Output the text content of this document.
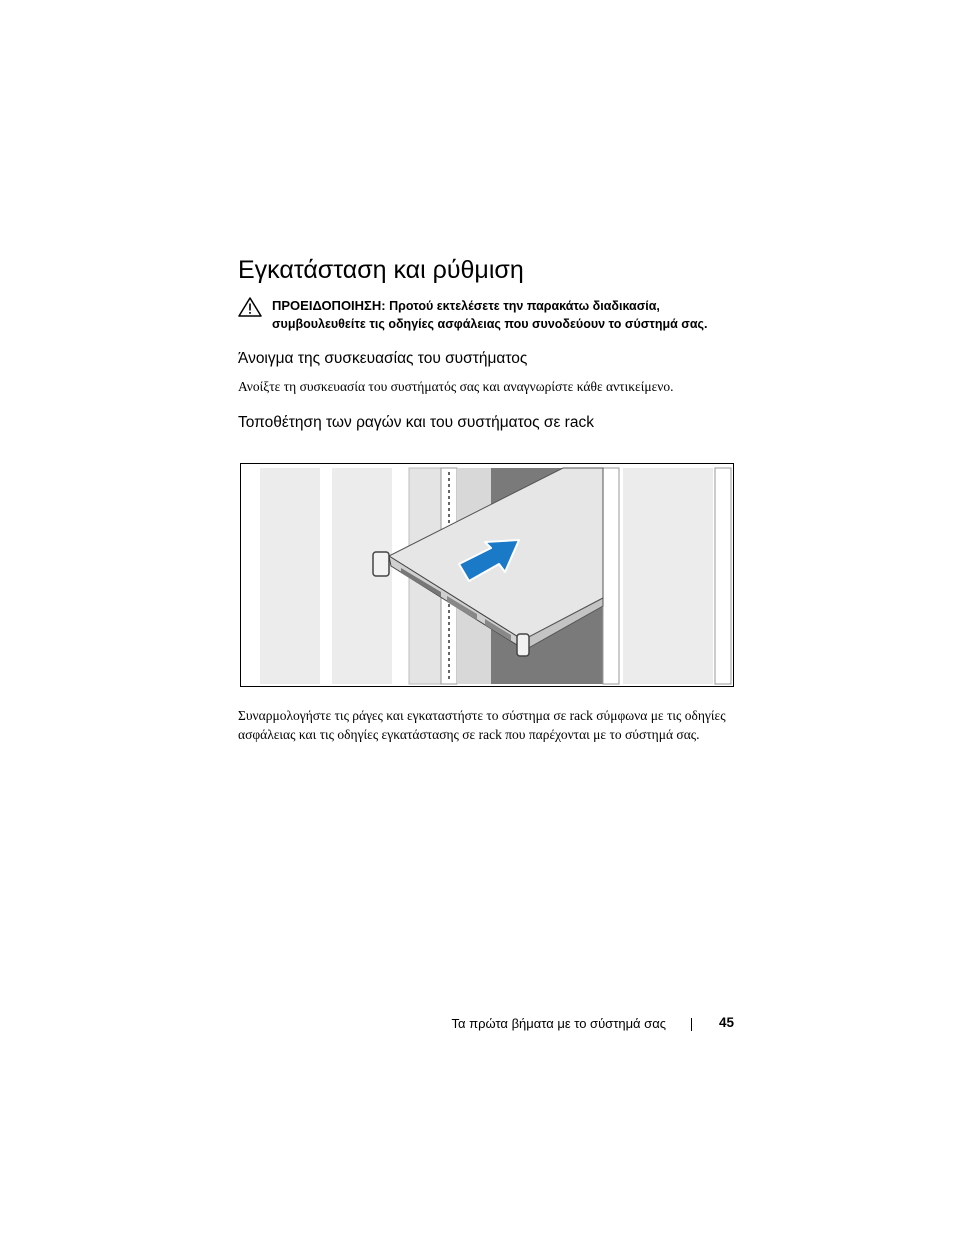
Εγκατάσταση και ρύθμιση
ΠΡΟΕΙΔΟΠΟΙΗΣΗ: Προτού εκτελέσετε την παρακάτω διαδικασία, συμβουλευθείτε τις οδηγίες ασφάλειας που συνοδεύουν το σύστημά σας.
Άνοιγμα της συσκευασίας του συστήματος

Ανοίξτε τη συσκευασία του συστήματός σας και αναγνωρίστε κάθε αντικείμενο.

Τοποθέτηση των ραγών και του συστήματος σε rack

Συναρμολογήστε τις ράγες και εγκαταστήστε το σύστημα σε rack σύμφωνα με τις οδηγίες ασφάλειας και τις οδηγίες εγκατάστασης σε rack που παρέχονται με το σύστημά σας.

Τα πρώτα βήματα με το σύστημά σας	45
